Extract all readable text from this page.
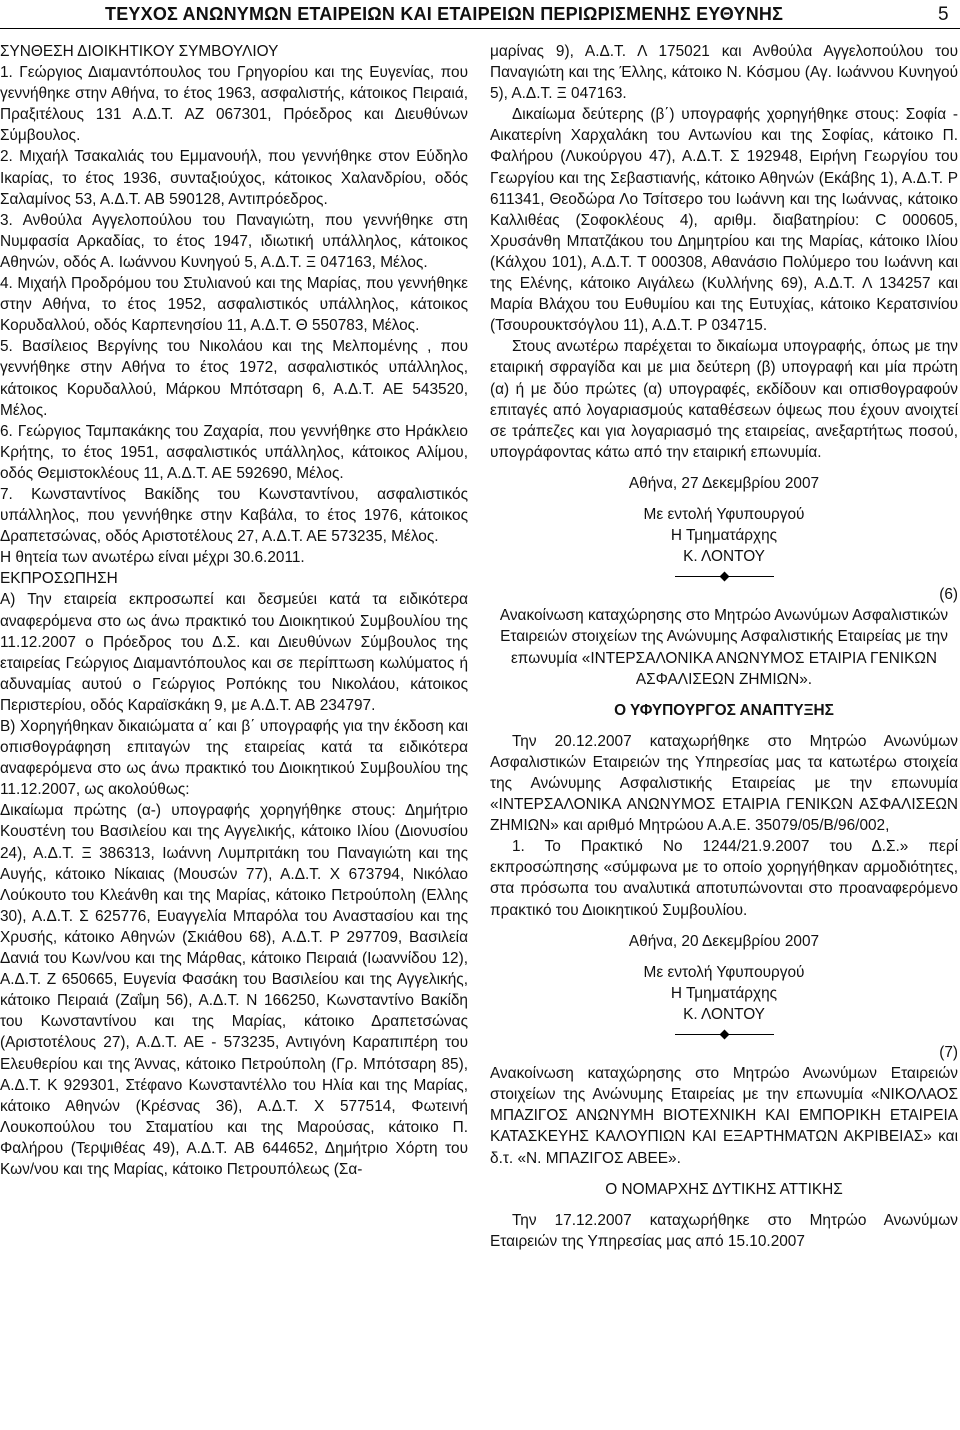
ΤΕΥΧΟΣ ΑΝΩΝΥΜΩΝ ΕΤΑΙΡΕΙΩΝ ΚΑΙ ΕΤΑΙΡΕΙΩΝ ΠΕΡΙΩΡΙΣΜΕΝΗΣ ΕΥΘΥΝΗΣ	5

ΣΥΝΘΕΣΗ ΔΙΟΙΚΗΤΙΚΟΥ ΣΥΜΒΟΥΛΙΟΥ

1. Γεώργιος Διαμαντόπουλος του Γρηγορίου και της Ευγενίας, που γεννήθηκε στην Αθήνα, το έτος 1963, ασφαλιστής, κάτοικος Πειραιά, Πραξιτέλους 131 Α.Δ.Τ. ΑΖ 067301, Πρόεδρος και Διευθύνων Σύμβουλος.

2. Μιχαήλ Τσακαλιάς του Εμμανουήλ, που γεννήθηκε στον Εύδηλο Ικαρίας, το έτος 1936, συνταξιούχος, κάτοικος Χαλανδρίου, οδός Σαλαμίνος 53, Α.Δ.Τ. ΑΒ 590128, Αντιπρόεδρος.

3. Ανθούλα Αγγελοπούλου του Παναγιώτη, που γεννήθηκε στη Νυμφασία Αρκαδίας, το έτος 1947, ιδιωτική υπάλληλος, κάτοικος Αθηνών, οδός Α. Ιωάννου Κυνηγού 5, Α.Δ.Τ. Ξ 047163, Μέλος.

4. Μιχαήλ Προδρόμου του Στυλιανού και της Μαρίας, που γεννήθηκε στην Αθήνα, το έτος 1952, ασφαλιστικός υπάλληλος, κάτοικος Κορυδαλλού, οδός Καρπενησίου 11, Α.Δ.Τ. Θ 550783, Μέλος.

5. Βασίλειος Βεργίνης του Νικολάου και της Μελπομένης , που γεννήθηκε στην Αθήνα το έτος 1972, ασφαλιστικός υπάλληλος, κάτοικος Κορυδαλλού, Μάρκου Μπότσαρη 6, Α.Δ.Τ. ΑΕ 543520, Μέλος.

6. Γεώργιος Ταμπακάκης του Ζαχαρία, που γεννήθηκε στο Ηράκλειο Κρήτης, το έτος 1951, ασφαλιστικός υπάλληλος, κάτοικος Αλίμου, οδός Θεμιστοκλέους 11, Α.Δ.Τ. ΑΕ 592690, Μέλος.

7. Κωνσταντίνος Βακίδης του Κωνσταντίνου, ασφαλιστικός υπάλληλος, που γεννήθηκε στην Καβάλα, το έτος 1976, κάτοικος Δραπετσώνας, οδός Αριστοτέλους 27, Α.Δ.Τ. ΑΕ 573235, Μέλος.

Η θητεία των ανωτέρω είναι μέχρι 30.6.2011.

ΕΚΠΡΟΣΩΠΗΣΗ

Α) Την εταιρεία εκπροσωπεί και δεσμεύει κατά τα ειδικότερα αναφερόμενα στο ως άνω πρακτικό του Διοικητικού Συμβουλίου της 11.12.2007 ο Πρόεδρος του Δ.Σ. και Διευθύνων Σύμβουλος της εταιρείας Γεώργιος Διαμαντόπουλος και σε περίπτωση κωλύματος ή αδυναμίας αυτού ο Γεώργιος Ροπόκης του Νικολάου, κάτοικος Περιστερίου, οδός Καραϊσκάκη 9, με Α.Δ.Τ. ΑΒ 234797.

Β) Χορηγήθηκαν δικαιώματα α΄ και β΄ υπογραφής για την έκδοση και οπισθογράφηση επιταγών της εταιρείας κατά τα ειδικότερα αναφερόμενα στο ως άνω πρακτικό του Διοικητικού Συμβουλίου της 11.12.2007, ως ακολούθως:

Δικαίωμα πρώτης (α-) υπογραφής χορηγήθηκε στους: Δημήτριο Κουστένη του Βασιλείου και της Αγγελικής, κάτοικο Ιλίου (Διονυσίου 24), Α.Δ.Τ. Ξ 386313, Ιωάννη Λυμπριτάκη του Παναγιώτη και της Αυγής, κάτοικο Νίκαιας (Μουσών 77), Α.Δ.Τ. Χ 673794, Νικόλαο Λούκουτο του Κλεάνθη και της Μαρίας, κάτοικο Πετρούπολη (Ελλης 30), Α.Δ.Τ. Σ 625776, Ευαγγελία Μπαρόλα του Αναστασίου και της Χρυσής, κάτοικο Αθηνών (Σκιάθου 68), Α.Δ.Τ. Ρ 297709, Βασιλεία Δανιά του Κων/νου και της Μάρθας, κάτοικο Πειραιά (Ιωαννίδου 12), Α.Δ.Τ. Ζ 650665, Ευγενία Φασάκη του Βασιλείου και της Αγγελικής, κάτοικο Πειραιά (Ζαΐμη 56), Α.Δ.Τ. Ν 166250, Κωνσταντίνο Βακίδη του Κωνσταντίνου και της Μαρίας, κάτοικο Δραπετσώνας (Αριστοτέλους 27), Α.Δ.Τ. ΑΕ - 573235, Αντιγόνη Καραπιπέρη του Ελευθερίου και της Άννας, κάτοικο Πετρούπολη (Γρ. Μπότσαρη 85), Α.Δ.Τ. Κ 929301, Στέφανο Κωνσταντέλλο του Ηλία και της Μαρίας, κάτοικο Αθηνών (Κρέσνας 36), Α.Δ.Τ. Χ 577514, Φωτεινή Λουκοπούλου του Σταματίου και της Μαρούσας, κάτοικο Π. Φαλήρου (Τερψιθέας 49), Α.Δ.Τ. ΑΒ 644652, Δημήτριο Χόρτη του Κων/νου και της Μαρίας, κάτοικο Πετρουπόλεως (Σα-

μαρίνας 9), Α.Δ.Τ. Λ 175021 και Ανθούλα Αγγελοπούλου του Παναγιώτη και της Έλλης, κάτοικο Ν. Κόσμου (Αγ. Ιωάννου Κυνηγού 5), Α.Δ.Τ. Ξ 047163.

Δικαίωμα δεύτερης (β΄) υπογραφής χορηγήθηκε στους: Σοφία - Αικατερίνη Χαρχαλάκη του Αντωνίου και της Σοφίας, κάτοικο Π. Φαλήρου (Λυκούργου 47), Α.Δ.Τ. Σ 192948, Ειρήνη Γεωργίου του Γεωργίου και της Σεβαστιανής, κάτοικο Αθηνών (Εκάβης 1), Α.Δ.Τ. Ρ 611341, Θεοδώρα Λο Τσίτσερο του Ιωάννη και της Ιωάννας, κάτοικο Καλλιθέας (Σοφοκλέους 4), αριθμ. διαβατηρίου: C 000605, Χρυσάνθη Μπατζάκου του Δημητρίου και της Μαρίας, κάτοικο Ιλίου (Κάλχου 101), Α.Δ.Τ. Τ 000308, Αθανάσιο Πολύμερο του Ιωάννη και της Ελένης, κάτοικο Αιγάλεω (Κυλλήνης 69), Α.Δ.Τ. Λ 134257 και Μαρία Βλάχου του Ευθυμίου και της Ευτυχίας, κάτοικο Κερατσινίου (Τσουρουκτσόγλου 11), Α.Δ.Τ. Ρ 034715.

Στους ανωτέρω παρέχεται το δικαίωμα υπογραφής, όπως με την εταιρική σφραγίδα και με μια δεύτερη (β) υπογραφή και μία πρώτη (α) ή με δύο πρώτες (α) υπογραφές, εκδίδουν και οπισθογραφούν επιταγές από λογαριασμούς καταθέσεων όψεως που έχουν ανοιχτεί σε τράπεζες και για λογαριασμό της εταιρείας, ανεξαρτήτως ποσού, υπογράφοντας κάτω από την εταιρική επωνυμία.

Αθήνα, 27 Δεκεμβρίου 2007

Με εντολή Υφυπουργού

Η Τμηματάρχης

Κ. ΛΟΝΤΟΥ

(6)

Ανακοίνωση καταχώρησης στο Μητρώο Ανωνύμων Ασφαλιστικών Εταιρειών στοιχείων της Ανώνυμης Ασφαλιστικής Εταιρείας με την επωνυμία «ΙΝΤΕΡΣΑΛΟΝΙΚΑ ΑΝΩΝΥΜΟΣ ΕΤΑΙΡΙΑ ΓΕΝΙΚΩΝ ΑΣΦΑΛΙΣΕΩΝ ΖΗΜΙΩΝ».

Ο ΥΦΥΠΟΥΡΓΟΣ ΑΝΑΠΤΥΞΗΣ

Την 20.12.2007 καταχωρήθηκε στο Μητρώο Ανωνύμων Ασφαλιστικών Εταιρειών της Υπηρεσίας μας τα κατωτέρω στοιχεία της Ανώνυμης Ασφαλιστικής Εταιρείας με την επωνυμία «ΙΝΤΕΡΣΑΛΟΝΙΚΑ ΑΝΩΝΥΜΟΣ ΕΤΑΙΡΙΑ ΓΕΝΙΚΩΝ ΑΣΦΑΛΙΣΕΩΝ ΖΗΜΙΩΝ» και αριθμό Μητρώου Α.Α.Ε. 35079/05/Β/96/002,

1. Το Πρακτικό Νο 1244/21.9.2007 του Δ.Σ.» περί εκπροσώπησης «σύμφωνα με το οποίο χορηγήθηκαν αρμοδιότητες, στα πρόσωπα του αναλυτικά αποτυπώνονται στο προαναφερόμενο πρακτικό του Διοικητικού Συμβουλίου.

Αθήνα, 20 Δεκεμβρίου 2007

Με εντολή Υφυπουργού

Η Τμηματάρχης

Κ. ΛΟΝΤΟΥ

(7)

Ανακοίνωση καταχώρησης στο Μητρώο Ανωνύμων Εταιρειών στοιχείων της Ανώνυμης Εταιρείας με την επωνυμία «ΝΙΚΟΛΑΟΣ ΜΠΑΖΙΓΟΣ ΑΝΩΝΥΜΗ ΒΙΟΤΕΧΝΙΚΗ ΚΑΙ ΕΜΠΟΡΙΚΗ ΕΤΑΙΡΕΙΑ ΚΑΤΑΣΚΕΥΗΣ ΚΑΛΟΥΠΙΩΝ ΚΑΙ ΕΞΑΡΤΗΜΑΤΩΝ ΑΚΡΙΒΕΙΑΣ» και δ.τ. «Ν. ΜΠΑΖΙΓΟΣ ΑΒΕΕ».

Ο ΝΟΜΑΡΧΗΣ ΔΥΤΙΚΗΣ ΑΤΤΙΚΗΣ

Την 17.12.2007 καταχωρήθηκε στο Μητρώο Ανωνύμων Εταιρειών της Υπηρεσίας μας από 15.10.2007
